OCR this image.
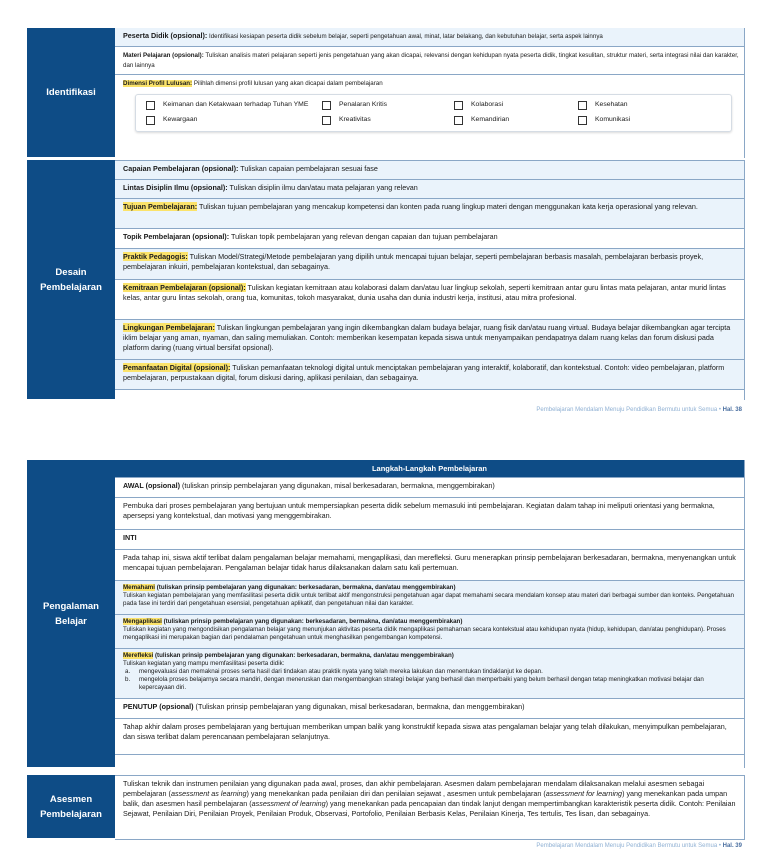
Identifikasi
Peserta Didik (opsional): Identifikasi kesiapan peserta didik sebelum belajar, seperti pengetahuan awal, minat, latar belakang, dan kebutuhan belajar, serta aspek lainnya
Materi Pelajaran (opsional): Tuliskan analisis materi pelajaran seperti jenis pengetahuan yang akan dicapai, relevansi dengan kehidupan nyata peserta didik, tingkat kesulitan, struktur materi, serta integrasi nilai dan karakter, dan lainnya
Dimensi Profil Lulusan: Pilihlah dimensi profil lulusan yang akan dicapai dalam pembelajaran
Keimanan dan Ketakwaan terhadap Tuhan YME	Penalaran Kritis	Kolaborasi	Kesehatan
Kewargaan	Kreativitas	Kemandirian	Komunikasi
Desain
Pembelajaran
Capaian Pembelajaran (opsional): Tuliskan capaian pembelajaran sesuai fase
Lintas Disiplin Ilmu (opsional): Tuliskan disiplin ilmu dan/atau mata pelajaran yang relevan
Tujuan Pembelajaran: Tuliskan tujuan pembelajaran yang mencakup kompetensi dan konten pada ruang lingkup materi dengan menggunakan kata kerja operasional yang relevan.
Topik Pembelajaran (opsional): Tuliskan topik pembelajaran yang relevan dengan capaian dan tujuan pembelajaran
Praktik Pedagogis: Tuliskan Model/Strategi/Metode pembelajaran yang dipilih untuk mencapai tujuan belajar, seperti pembelajaran berbasis masalah, pembelajaran berbasis proyek, pembelajaran inkuiri, pembelajaran kontekstual, dan sebagainya.
Kemitraan Pembelajaran (opsional): Tuliskan kegiatan kemitraan atau kolaborasi dalam dan/atau luar lingkup sekolah, seperti kemitraan antar guru lintas mata pelajaran, antar murid lintas kelas, antar guru lintas sekolah, orang tua, komunitas, tokoh masyarakat, dunia usaha dan dunia industri kerja, institusi, atau mitra profesional.
Lingkungan Pembelajaran: Tuliskan lingkungan pembelajaran yang ingin dikembangkan dalam budaya belajar, ruang fisik dan/atau ruang virtual. Budaya belajar dikembangkan agar tercipta iklim belajar yang aman, nyaman, dan saling memuliakan. Contoh: memberikan kesempatan kepada siswa untuk menyampaikan pendapatnya dalam ruang kelas dan forum diskusi pada platform daring (ruang virtual bersifat opsional).
Pemanfaatan Digital (opsional): Tuliskan pemanfaatan teknologi digital untuk menciptakan pembelajaran yang interaktif, kolaboratif, dan kontekstual. Contoh: video pembelajaran, platform pembelajaran, perpustakaan digital, forum diskusi daring, aplikasi penilaian, dan sebagainya.
Pembelajaran Mendalam Menuju Pendidikan Bermutu untuk Semua • Hal. 38
Pengalaman
Belajar
Langkah-Langkah Pembelajaran
AWAL (opsional) (tuliskan prinsip pembelajaran yang digunakan, misal berkesadaran, bermakna, menggembirakan)
Pembuka dari proses pembelajaran yang bertujuan untuk mempersiapkan peserta didik sebelum memasuki inti pembelajaran. Kegiatan dalam tahap ini meliputi orientasi yang bermakna, apersepsi yang kontekstual, dan motivasi yang menggembirakan.
INTI
Pada tahap ini, siswa aktif terlibat dalam pengalaman belajar memahami, mengaplikasi, dan merefleksi. Guru menerapkan prinsip pembelajaran berkesadaran, bermakna, menyenangkan untuk mencapai tujuan pembelajaran. Pengalaman belajar tidak harus dilaksanakan dalam satu kali pertemuan.
Memahami (tuliskan prinsip pembelajaran yang digunakan: berkesadaran, bermakna, dan/atau menggembirakan)
Tuliskan kegiatan pembelajaran yang memfasilitasi peserta didik untuk terlibat aktif mengonstruksi pengetahuan agar dapat memahami secara mendalam konsep atau materi dari berbagai sumber dan konteks. Pengetahuan pada fase ini terdiri dari pengetahuan esensial, pengetahuan aplikatif, dan pengetahuan nilai dan karakter.
Mengaplikasi (tuliskan prinsip pembelajaran yang digunakan: berkesadaran, bermakna, dan/atau menggembirakan)
Tuliskan kegiatan yang mengondisikan pengalaman belajar yang menunjukan aktivitas peserta didik mengaplikasi pemahaman secara kontekstual atau kehidupan nyata (hidup, kehidupan, dan/atau penghidupan). Proses mengaplikasi ini merupakan bagian dari pendalaman pengetahuan untuk menghasilkan pengembangan kompetensi.
Merefleksi (tuliskan prinsip pembelajaran yang digunakan: berkesadaran, bermakna, dan/atau menggembirakan)
Tuliskan kegiatan yang mampu memfasilitasi peserta didik:
a.	mengevaluasi dan memaknai proses serta hasil dari tindakan atau praktik nyata yang telah mereka lakukan dan menentukan tindaklanjut ke depan.
b.	mengelola proses belajarnya secara mandiri, dengan meneruskan dan mengembangkan strategi belajar yang berhasil dan memperbaiki yang belum berhasil dengan tetap meningkatkan motivasi belajar dan kepercayaan diri.
PENUTUP (opsional) (Tuliskan prinsip pembelajaran yang digunakan, misal berkesadaran, bermakna, dan menggembirakan)
Tahap akhir dalam proses pembelajaran yang bertujuan memberikan umpan balik yang konstruktif kepada siswa atas pengalaman belajar yang telah dilakukan, menyimpulkan pembelajaran, dan siswa terlibat dalam perencanaan pembelajaran selanjutnya.
Asesmen
Pembelajaran
Tuliskan teknik dan instrumen penilaian yang digunakan pada awal, proses, dan akhir pembelajaran. Asesmen dalam pembelajaran mendalam dilaksanakan melalui asesmen sebagai pembelajaran (assessment as learning) yang menekankan pada penilaian diri dan penilaian sejawat , asesmen untuk pembelajaran (assessment for learning) yang menekankan pada umpan balik, dan asesmen hasil pembelajaran (assessment of learning) yang menekankan pada pencapaian dan tindak lanjut dengan mempertimbangkan karakteristik peserta didik. Contoh: Penilaian Sejawat, Penilaian Diri, Penilaian Proyek, Penilaian Produk, Observasi, Portofolio, Penilaian Berbasis Kelas, Penilaian Kinerja, Tes tertulis, Tes lisan, dan sebagainya.
Pembelajaran Mendalam Menuju Pendidikan Bermutu untuk Semua • Hal. 39
